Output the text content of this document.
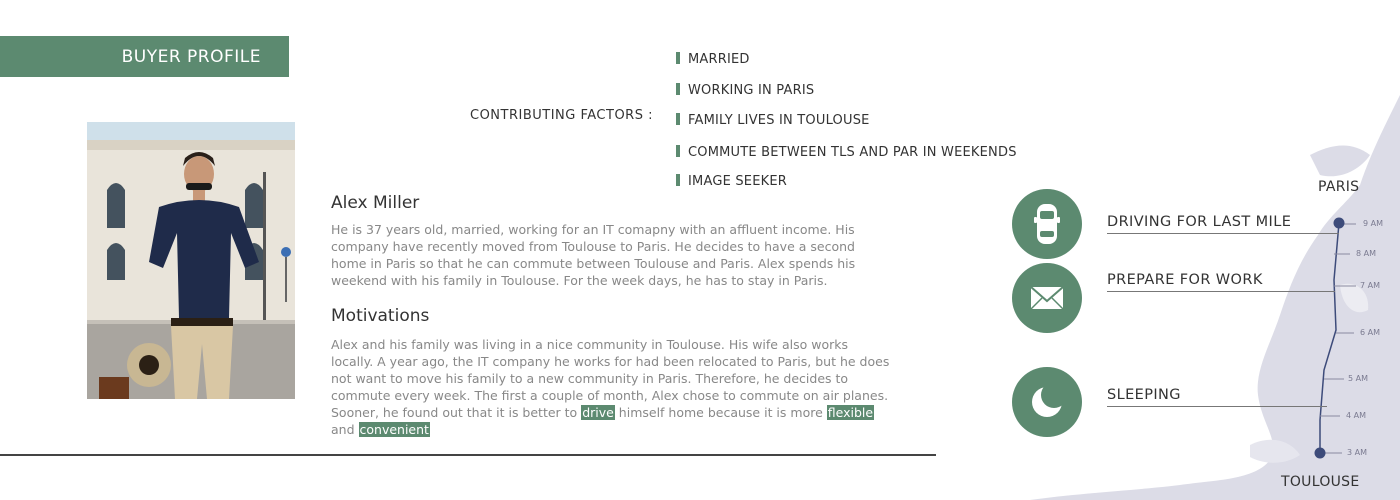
BUYER PROFILE
CONTRIBUTING FACTORS :
MARRIED
WORKING IN PARIS
FAMILY LIVES IN TOULOUSE
COMMUTE BETWEEN TLS AND PAR IN WEEKENDS
IMAGE SEEKER
Alex Miller

He is 37 years old, married, working for an IT comapny with an affluent income. His company have recently moved from Toulouse to Paris. He decides to have a second home in Paris so that he can commute between Toulouse and Paris. Alex spends his weekend with his family in Toulouse. For the week days, he has to stay in Paris.

Motivations

Alex and his family was living in a nice community in Toulouse. His wife also works locally. A year ago, the IT company he works for had been relocated to Paris, but he does not want to move his family to a new community in Paris. Therefore, he decides to commute every week. The first a couple of month, Alex chose to commute on air planes. Sooner, he found out that it is better to drive himself home because it is more flexible and convenient

PARIS
TOULOUSE
9 AM
8 AM
7 AM
6 AM
5 AM
4 AM
3 AM
DRIVING FOR LAST MILE
PREPARE FOR WORK
SLEEPING
